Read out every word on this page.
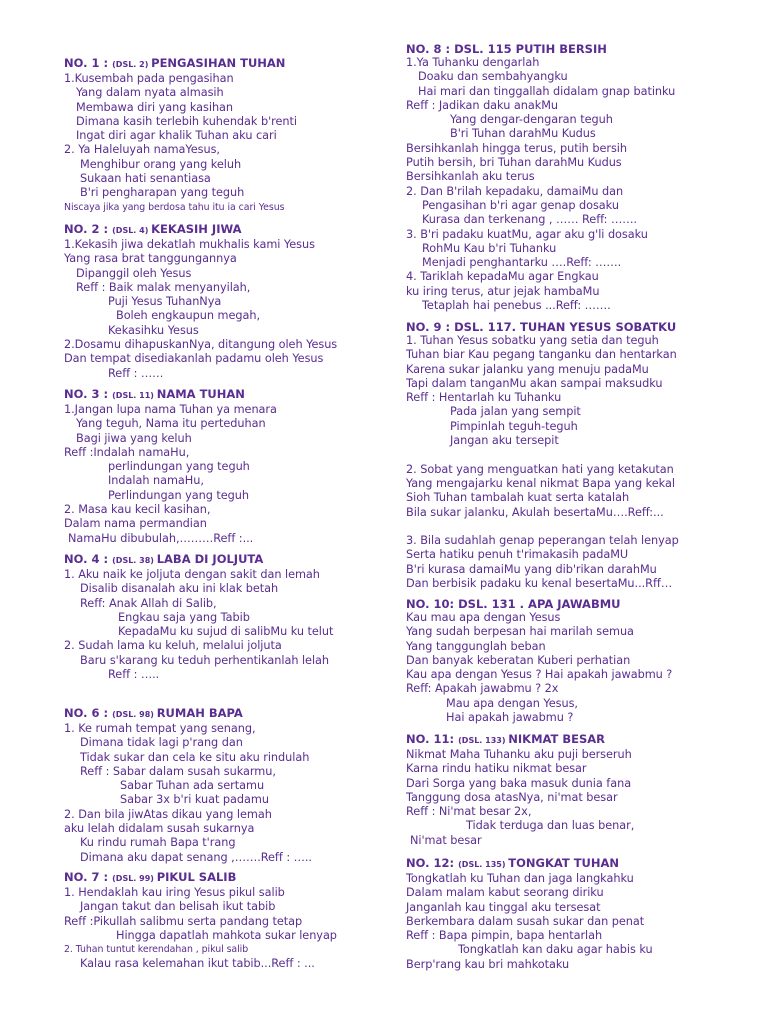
NO. 1 : (DSL. 2) PENGASIHAN TUHAN
1.Kusembah pada pengasihan
Yang dalam nyata almasih
Membawa diri yang kasihan
Dimana kasih terlebih kuhendak b'renti
Ingat diri agar khalik Tuhan aku cari
2. Ya Haleluyah namaYesus,
Menghibur orang yang keluh
Sukaan hati senantiasa
B'ri pengharapan yang teguh
Niscaya jika yang berdosa tahu itu ia cari Yesus
NO. 2 : (DSL. 4) KEKASIH JIWA
1.Kekasih jiwa dekatlah mukhalis kami Yesus
Yang rasa brat tanggungannya
Dipanggil oleh Yesus
Reff : Baik malak menyanyilah,
Puji Yesus TuhanNya
Boleh engkaupun megah,
Kekasihku Yesus
2.Dosamu dihapuskanNya, ditangung oleh Yesus
Dan tempat disediakanlah padamu oleh Yesus
Reff : ……
NO. 3 : (DSL. 11) NAMA TUHAN
1.Jangan lupa nama Tuhan ya menara
Yang teguh, Nama itu perteduhan
Bagi jiwa yang keluh
Reff :Indalah namaHu,
perlindungan yang teguh
Indalah namaHu,
Perlindungan yang teguh
2. Masa kau kecil kasihan,
Dalam nama permandian
NamaHu dibubulah,………Reff :...
NO. 4 : (DSL. 38) LABA DI JOLJUTA
1. Aku naik ke joljuta dengan sakit dan lemah
Disalib disanalah aku ini klak betah
Reff: Anak Allah di Salib,
Engkau saja yang Tabib
KepadaMu ku sujud di salibMu ku telut
2. Sudah lama ku keluh, melalui joljuta
Baru s'karang ku teduh perhentikanlah lelah
Reff : …..
NO. 6 : (DSL. 98) RUMAH BAPA
1. Ke rumah tempat yang senang,
Dimana tidak lagi p'rang dan
Tidak sukar dan cela ke situ aku rindulah
Reff : Sabar dalam susah sukarmu,
Sabar Tuhan ada sertamu
Sabar 3x b'ri kuat padamu
2. Dan bila jiwAtas dikau yang lemah
aku lelah didalam susah sukarnya
Ku rindu rumah Bapa t'rang
Dimana aku dapat senang ,…….Reff : …..
NO. 7 : (DSL. 99) PIKUL SALIB
1. Hendaklah kau iring Yesus pikul salib
Jangan takut dan belisah ikut tabib
Reff :Pikullah salibmu serta pandang tetap
Hingga dapatlah mahkota sukar lenyap
2. Tuhan tuntut kerendahan , pikul salib
Kalau rasa kelemahan ikut tabib...Reff : ...
NO. 8 : DSL. 115 PUTIH BERSIH
1.Ya Tuhanku dengarlah
Doaku dan sembahyangku
Hai mari dan tinggallah didalam gnap batinku
Reff : Jadikan daku anakMu
Yang dengar-dengaran teguh
B'ri Tuhan darahMu Kudus
Bersihkanlah hingga terus, putih bersih
Putih bersih, bri Tuhan darahMu Kudus
Bersihkanlah aku terus
2. Dan B'rilah kepadaku, damaiMu dan
Pengasihan b'ri agar genap dosaku
Kurasa dan terkenang , …… Reff: …….
3. B'ri padaku kuatMu, agar aku g'li dosaku
RohMu Kau b'ri Tuhanku
Menjadi penghantarku ….Reff: …….
4. Tariklah kepadaMu agar Engkau
ku iring terus, atur jejak hambaMu
Tetaplah hai penebus ...Reff: …….
NO. 9 : DSL. 117. TUHAN YESUS SOBATKU
1. Tuhan Yesus sobatku yang setia dan teguh
Tuhan biar Kau pegang tanganku dan hentarkan
Karena sukar jalanku yang menuju padaMu
Tapi dalam tanganMu akan sampai maksudku
Reff : Hentarlah ku Tuhanku
Pada jalan yang sempit
Pimpinlah teguh-teguh
Jangan aku tersepit
2. Sobat yang menguatkan hati yang ketakutan
Yang mengajarku kenal nikmat Bapa yang kekal
Sioh Tuhan tambalah kuat serta katalah
Bila sukar jalanku, Akulah besertaMu….Reff:...
3. Bila sudahlah genap peperangan telah lenyap
Serta hatiku penuh t'rimakasih padaMU
B'ri kurasa damaiMu yang dib'rikan darahMu
Dan berbisik padaku ku kenal besertaMu...Rff…
NO. 10: DSL. 131 . APA JAWABMU
Kau mau apa dengan Yesus
Yang sudah berpesan hai marilah semua
Yang tanggunglah beban
Dan banyak keberatan Kuberi perhatian
Kau apa dengan Yesus ? Hai apakah jawabmu ?
Reff: Apakah jawabmu ? 2x
Mau apa dengan Yesus,
Hai apakah jawabmu ?
NO. 11: (DSL. 133) NIKMAT BESAR
Nikmat Maha Tuhanku aku puji berseruh
Karna rindu hatiku nikmat besar
Dari Sorga yang baka masuk dunia fana
Tanggung dosa atasNya, ni'mat besar
Reff : Ni'mat besar 2x,
Tidak terduga dan luas benar,
Ni'mat besar
NO. 12: (DSL. 135) TONGKAT TUHAN
Tongkatlah ku Tuhan dan jaga langkahku
Dalam malam kabut seorang diriku
Janganlah kau tinggal aku tersesat
Berkembara dalam susah sukar dan penat
Reff : Bapa pimpin, bapa hentarlah
Tongkatlah kan daku agar habis ku
Berp'rang kau bri mahkotaku
